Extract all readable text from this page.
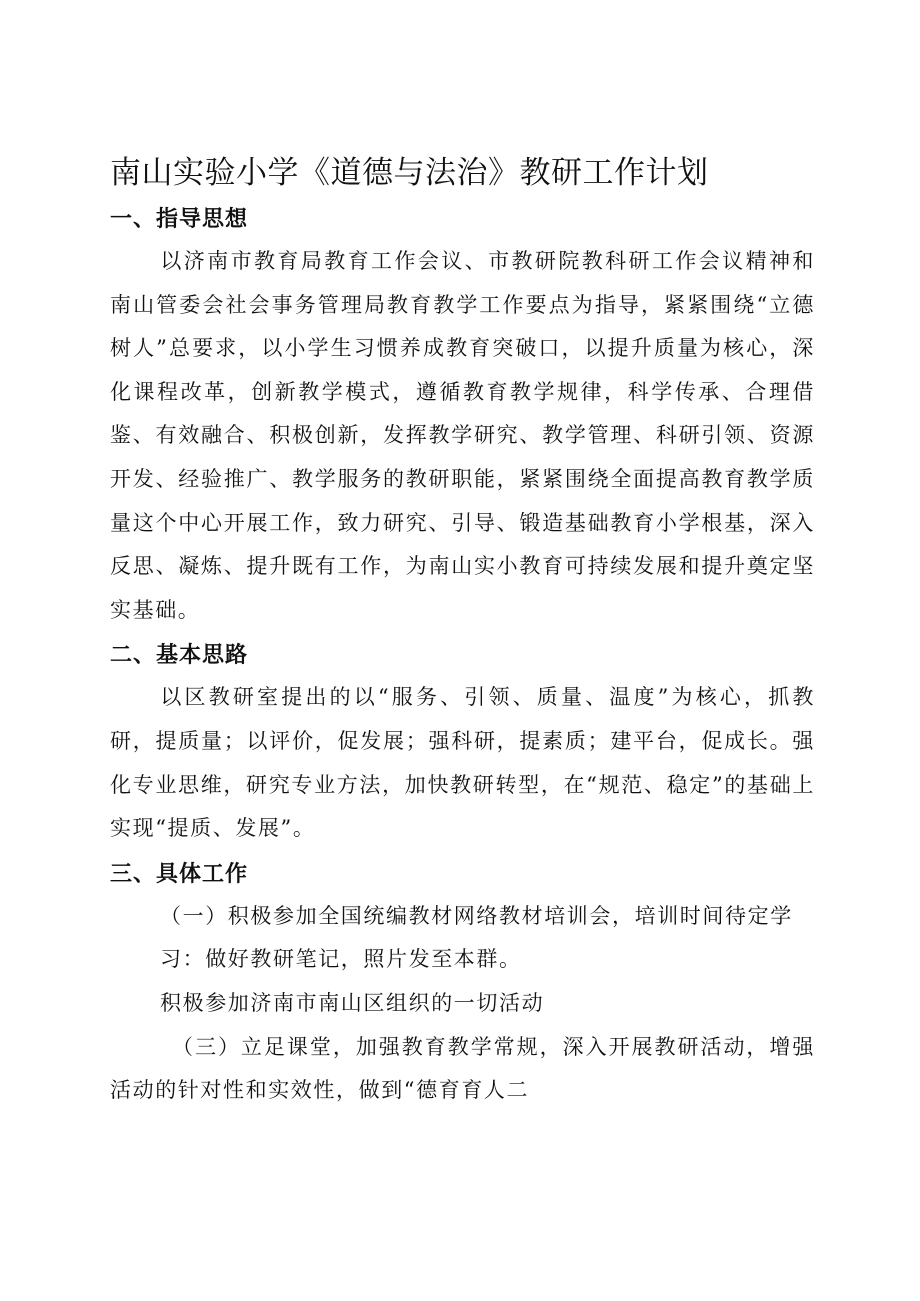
南山实验小学《道德与法治》教研工作计划
一、指导思想

以济南市教育局教育工作会议、市教研院教科研工作会议精神和南山管委会社会事务管理局教育教学工作要点为指导，紧紧围绕“立德树人”总要求，以小学生习惯养成教育突破口，以提升质量为核心，深化课程改革，创新教学模式，遵循教育教学规律，科学传承、合理借鉴、有效融合、积极创新，发挥教学研究、教学管理、科研引领、资源开发、经验推广、教学服务的教研职能，紧紧围绕全面提高教育教学质量这个中心开展工作，致力研究、引导、锻造基础教育小学根基，深入反思、凝炼、提升既有工作，为南山实小教育可持续发展和提升奠定坚实基础。

二、基本思路

以区教研室提出的以“服务、引领、质量、温度”为核心，抓教研，提质量；以评价，促发展；强科研，提素质；建平台，促成长。强化专业思维，研究专业方法，加快教研转型，在“规范、稳定”的基础上实现“提质、发展”。

三、具体工作

（一）积极参加全国统编教材网络教材培训会，培训时间待定学

习：做好教研笔记，照片发至本群。

积极参加济南市南山区组织的一切活动

（三）立足课堂，加强教育教学常规，深入开展教研活动，增强活动的针对性和实效性，做到“德育育人二
